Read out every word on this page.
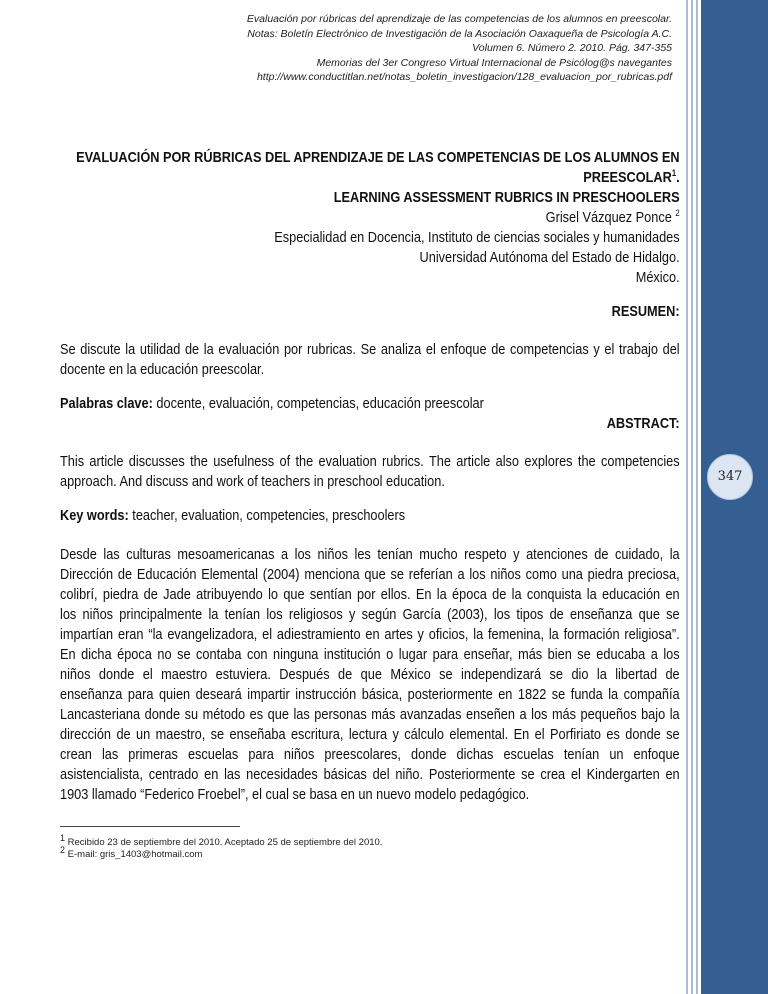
Evaluación por rúbricas del aprendizaje de las competencias de los alumnos en preescolar.
Notas: Boletín Electrónico de Investigación de la Asociación Oaxaqueña de Psicología A.C.
Volumen 6. Número 2. 2010. Pág. 347-355
Memorias del 3er Congreso Virtual Internacional de Psicólog@s navegantes
http://www.conductitlan.net/notas_boletin_investigacion/128_evaluacion_por_rubricas.pdf
EVALUACIÓN POR RÚBRICAS DEL APRENDIZAJE DE LAS COMPETENCIAS DE LOS ALUMNOS EN
PREESCOLAR$^1$.
LEARNING ASSESSMENT RUBRICS IN PRESCHOOLERS
Grisel Vázquez Ponce $^2$
Especialidad en Docencia, Instituto de ciencias sociales y humanidades
Universidad Autónoma del Estado de Hidalgo.
México.
RESUMEN:
Se discute la utilidad de la evaluación por rubricas. Se analiza el enfoque de competencias y el trabajo del
docente en la educación preescolar.
Palabras clave: docente, evaluación, competencias, educación preescolar
ABSTRACT:
This article discusses the usefulness of the evaluation rubrics. The article also explores the competencies
approach. And discuss and work of teachers in preschool education.
Key words: teacher, evaluation, competencies, preschoolers
Desde las culturas mesoamericanas a los niños les tenían mucho respeto y atenciones de cuidado, la
Dirección de Educación Elemental (2004) menciona que se referían a los niños como una piedra preciosa,
colibrí, piedra de Jade atribuyendo lo que sentían por ellos. En la época de la conquista la educación en
los niños principalmente la tenían los religiosos y según García (2003), los tipos de enseñanza que se
impartían eran “la evangelizadora, el adiestramiento en artes y oficios, la femenina, la formación religiosa”.
En dicha época no se contaba con ninguna institución o lugar para enseñar, más bien se educaba a los
niños donde el maestro estuviera. Después de que México se independizará se dio la libertad de
enseñanza para quien deseará impartir instrucción básica, posteriormente en 1822 se funda la compañía
Lancasteriana donde su método es que las personas más avanzadas enseñen a los más pequeños bajo la
dirección de un maestro, se enseñaba escritura, lectura y cálculo elemental. En el Porfiriato es donde se
crean las primeras escuelas para niños preescolares, donde dichas escuelas tenían un enfoque
asistencialista, centrado en las necesidades básicas del niño. Posteriormente se crea el Kindergarten en
1903 llamado “Federico Froebel”, el cual se basa en un nuevo modelo pedagógico.
$^1$ Recibido 23 de septiembre del 2010. Aceptado 25 de septiembre del 2010.
$^2$ E-mail: gris_1403@hotmail.com
347
